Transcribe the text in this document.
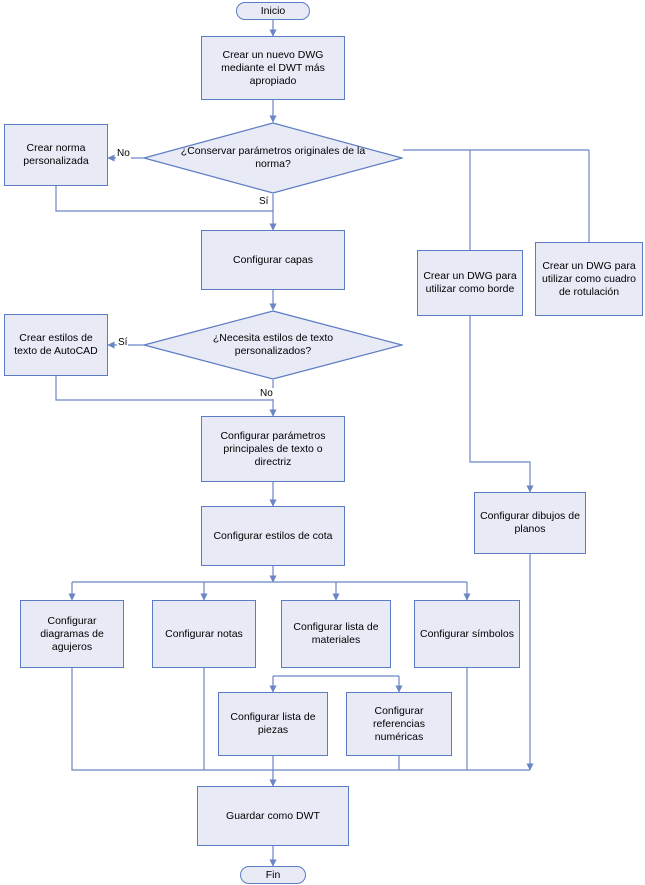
Inicio
Crear un nuevo DWG mediante el DWT más apropiado
¿Conservar parámetros originales de la norma?
Crear norma personalizada
Configurar capas
¿Necesita estilos de texto personalizados?
Crear estilos de texto de AutoCAD
Configurar parámetros principales de texto o directriz
Configurar estilos de cota
Configurar diagramas de agujeros
Configurar notas
Configurar lista de materiales
Configurar símbolos
Configurar lista de piezas
Configurar referencias numéricas
Guardar como DWT
Fin
Crear un DWG para utilizar como borde
Crear un DWG para utilizar como cuadro de rotulación
Configurar dibujos de planos
No
Sí
Sí
No
